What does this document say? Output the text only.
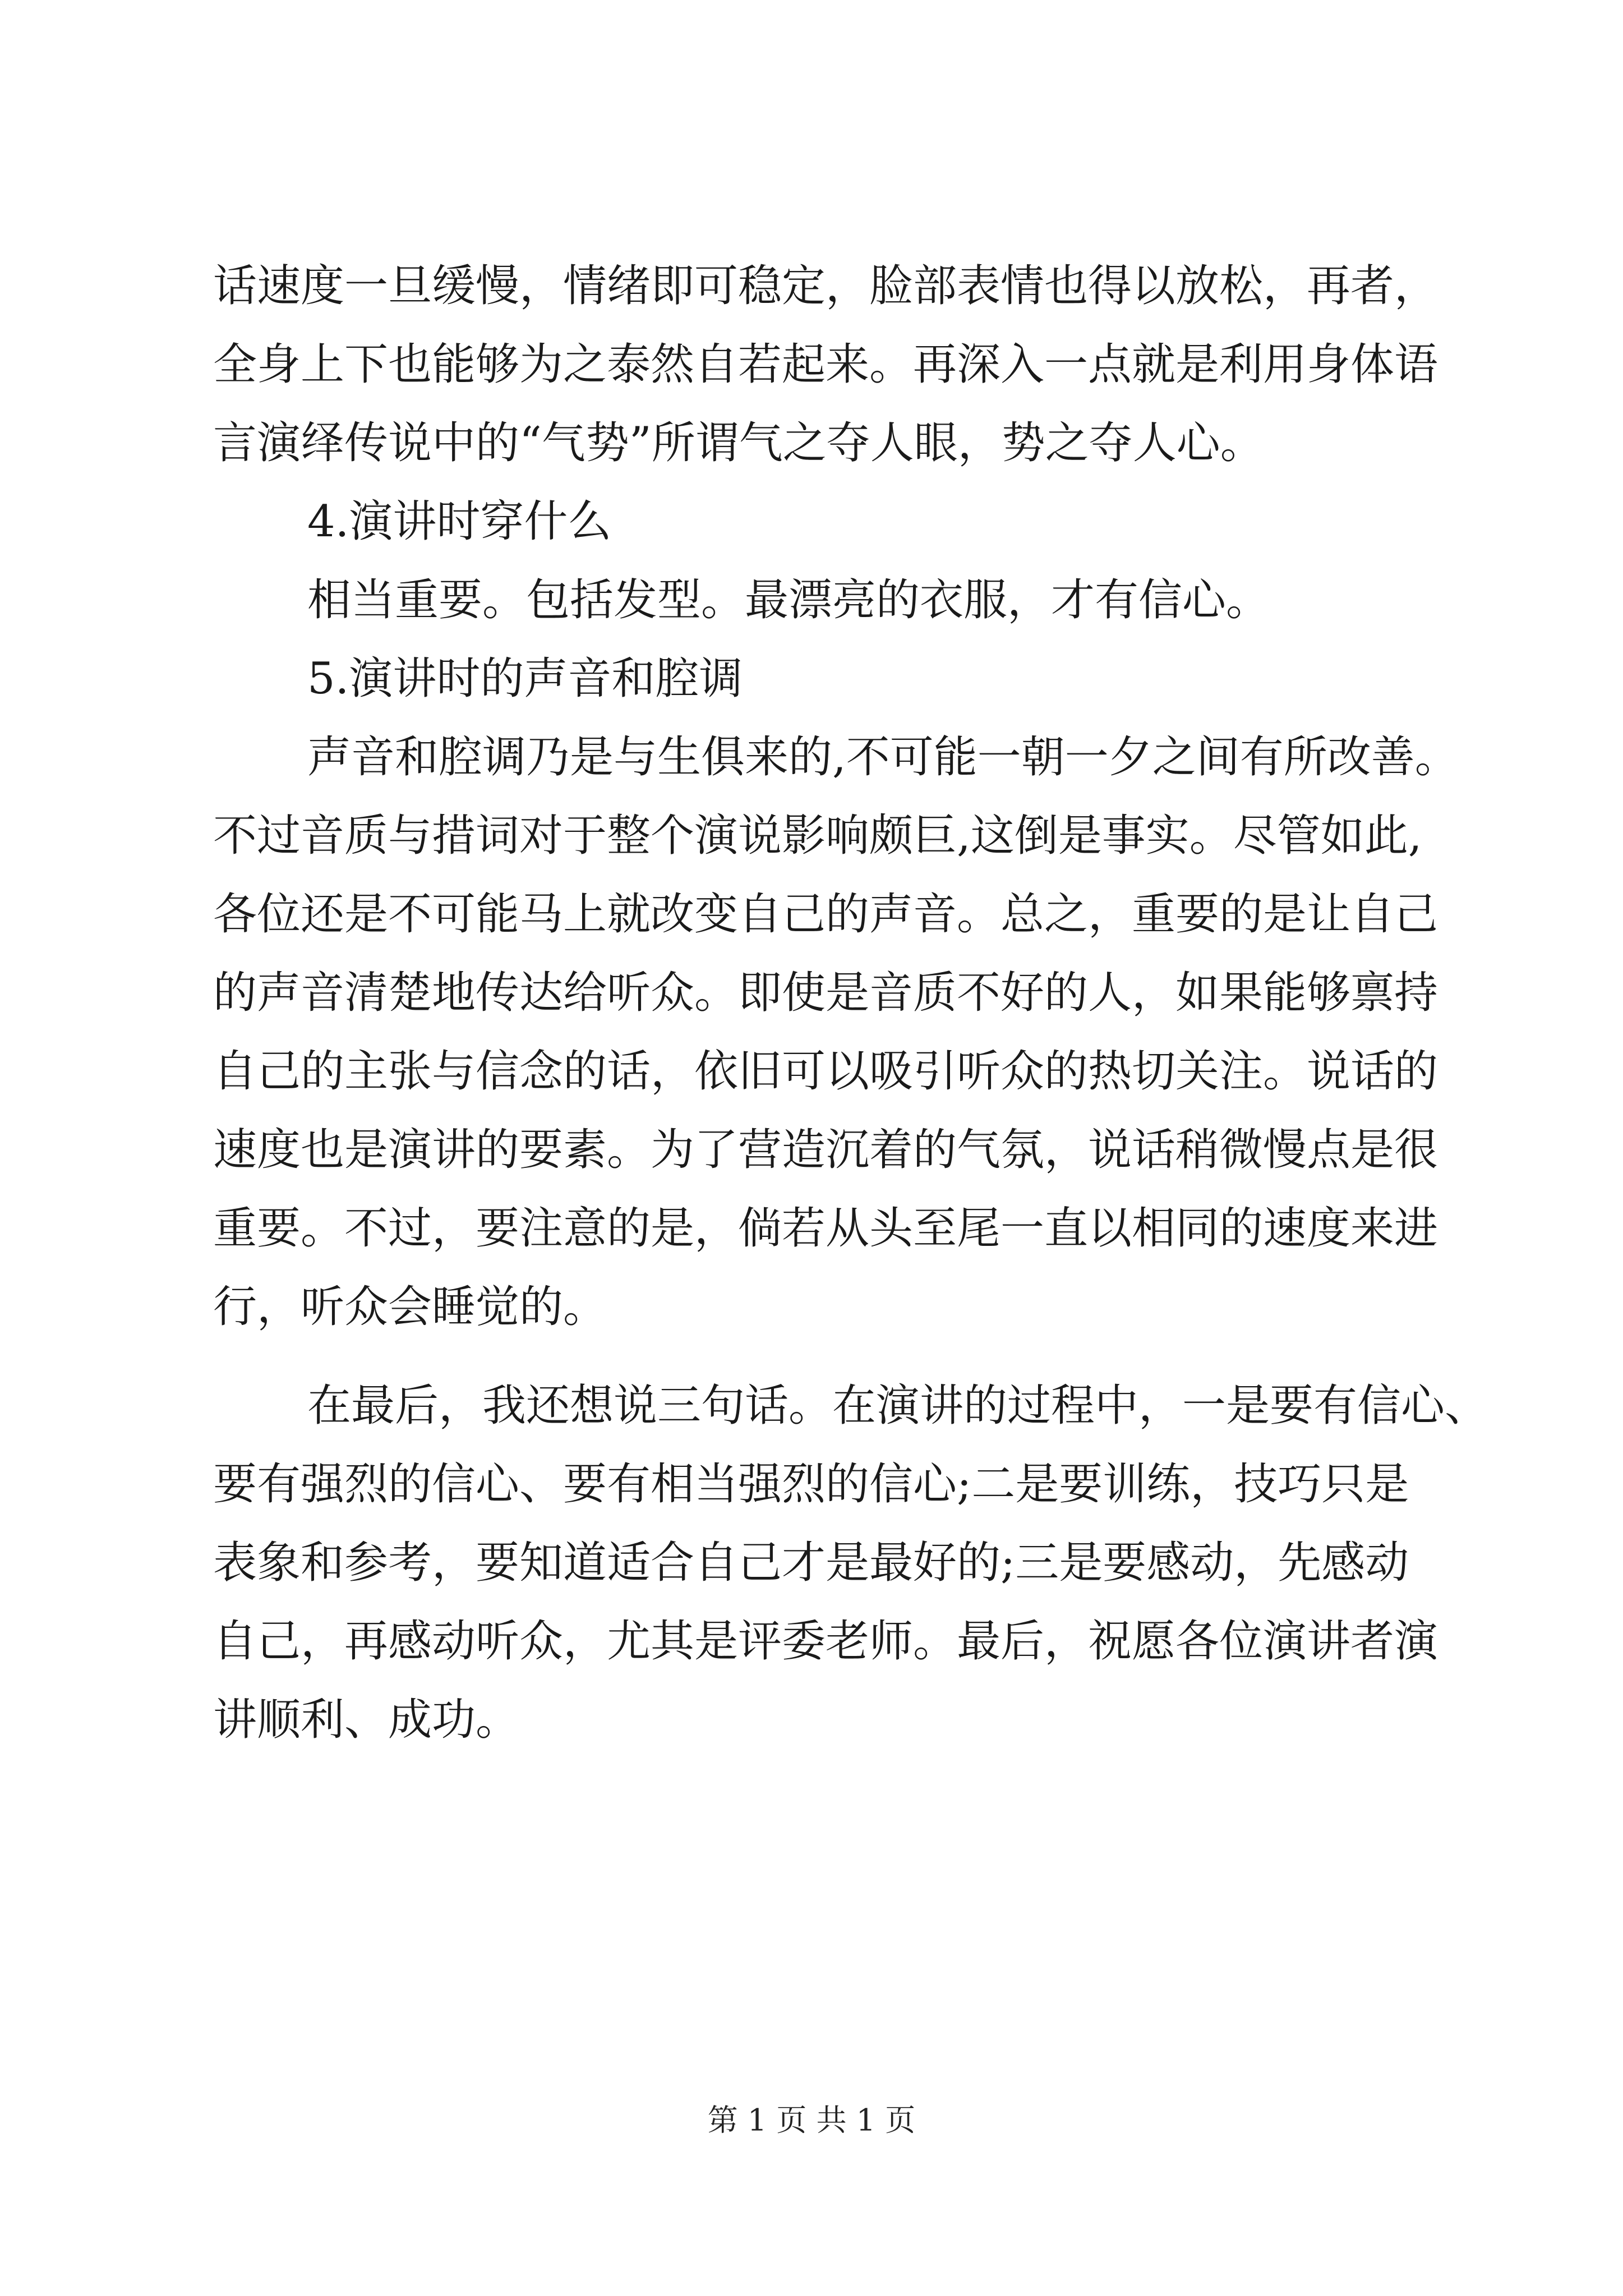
话速度一旦缓慢，情绪即可稳定，脸部表情也得以放松，再者，
全身上下也能够为之泰然自若起来。再深入一点就是利用身体语
言演绎传说中的“气势”所谓气之夺人眼，势之夺人心。
4.演讲时穿什么
相当重要。包括发型。最漂亮的衣服，才有信心。
5.演讲时的声音和腔调
声音和腔调乃是与生俱来的,不可能一朝一夕之间有所改善。
不过音质与措词对于整个演说影响颇巨,这倒是事实。尽管如此,
各位还是不可能马上就改变自己的声音。总之，重要的是让自己
的声音清楚地传达给听众。即使是音质不好的人，如果能够禀持
自己的主张与信念的话，依旧可以吸引听众的热切关注。说话的
速度也是演讲的要素。为了营造沉着的气氛，说话稍微慢点是很
重要。不过，要注意的是，倘若从头至尾一直以相同的速度来进
行，听众会睡觉的。
在最后，我还想说三句话。在演讲的过程中，一是要有信心、
要有强烈的信心、要有相当强烈的信心;二是要训练，技巧只是
表象和参考，要知道适合自己才是最好的;三是要感动，先感动
自己，再感动听众，尤其是评委老师。最后，祝愿各位演讲者演
讲顺利、成功。
第 1 页 共 1 页
